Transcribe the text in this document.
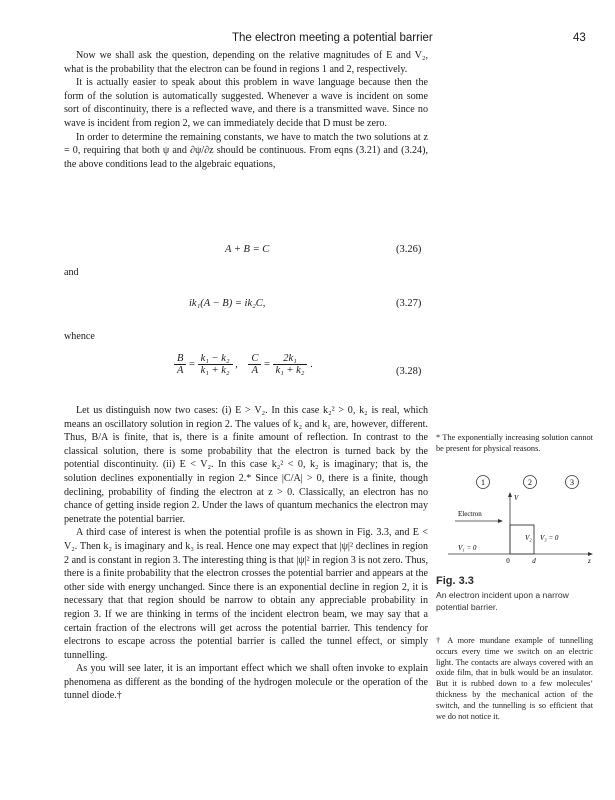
The electron meeting a potential barrier	43

Now we shall ask the question, depending on the relative magnitudes of E and V₂, what is the probability that the electron can be found in regions 1 and 2, respectively.

It is actually easier to speak about this problem in wave language because then the form of the solution is automatically suggested. Whenever a wave is incident on some sort of discontinuity, there is a reflected wave, and there is a transmitted wave. Since no wave is incident from region 2, we can immediately decide that D must be zero.

In order to determine the remaining constants, we have to match the two solutions at z = 0, requiring that both ψ and ∂ψ/∂z should be continuous. From eqns (3.21) and (3.24), the above conditions lead to the algebraic equations,

A + B = C	(3.26)
and
ik₁(A − B) = ik₂C,	(3.27)
whence
$\frac{B}{A} = \frac{\text{k₁ − k₂}}{\text{k₁ + k₂}}$ , $\frac{C}{A} = \frac{\text{2k₁}}{\text{k₁ + k₂}}$ .
(3.28)

Let us distinguish now two cases: (i) E > V₂. In this case k₂² > 0, k₂ is real, which means an oscillatory solution in region 2. The values of k₂ and k₁ are, however, different. Thus, B/A is finite, that is, there is a finite amount of reflection. In contrast to the classical solution, there is some probability that the electron is turned back by the potential discontinuity. (ii) E < V₂. In this case k₂² < 0, k₂ is imaginary; that is, the solution declines exponentially in region 2.* Since |C/A| > 0, there is a finite, though declining, probability of finding the electron at z > 0. Classically, an electron has no chance of getting inside region 2. Under the laws of quantum mechanics the electron may penetrate the potential barrier.

A third case of interest is when the potential profile is as shown in Fig. 3.3, and E < V₂. Then k₂ is imaginary and k₃ is real. Hence one may expect that |ψ|² declines in region 2 and is constant in region 3. The interesting thing is that |ψ|² in region 3 is not zero. Thus, there is a finite probability that the electron crosses the potential barrier and appears at the other side with energy unchanged. Since there is an exponential decline in region 2, it is necessary that that region should be narrow to obtain any appreciable probability in region 3. If we are thinking in terms of the incident electron beam, we may say that a certain fraction of the electrons will get across the potential barrier. This tendency for electrons to escape across the potential barrier is called the tunnel effect, or simply tunnelling.

As you will see later, it is an important effect which we shall often invoke to explain phenomena as different as the bonding of the hydrogen molecule or the operation of the tunnel diode.†

* The exponentially increasing solution cannot be present for physical reasons.
1	2	3
V
Electron
V₁ = 0
V₂ V₃ = 0
0	d	z
Fig. 3.3
An electron incident upon a narrow potential barrier.
† A more mundane example of tunnelling occurs every time we switch on an electric light. The contacts are always covered with an oxide film, that in bulk would be an insulator. But it is rubbed down to a few molecules’ thickness by the mechanical action of the switch, and the tunnelling is so efficient that we do not notice it.
